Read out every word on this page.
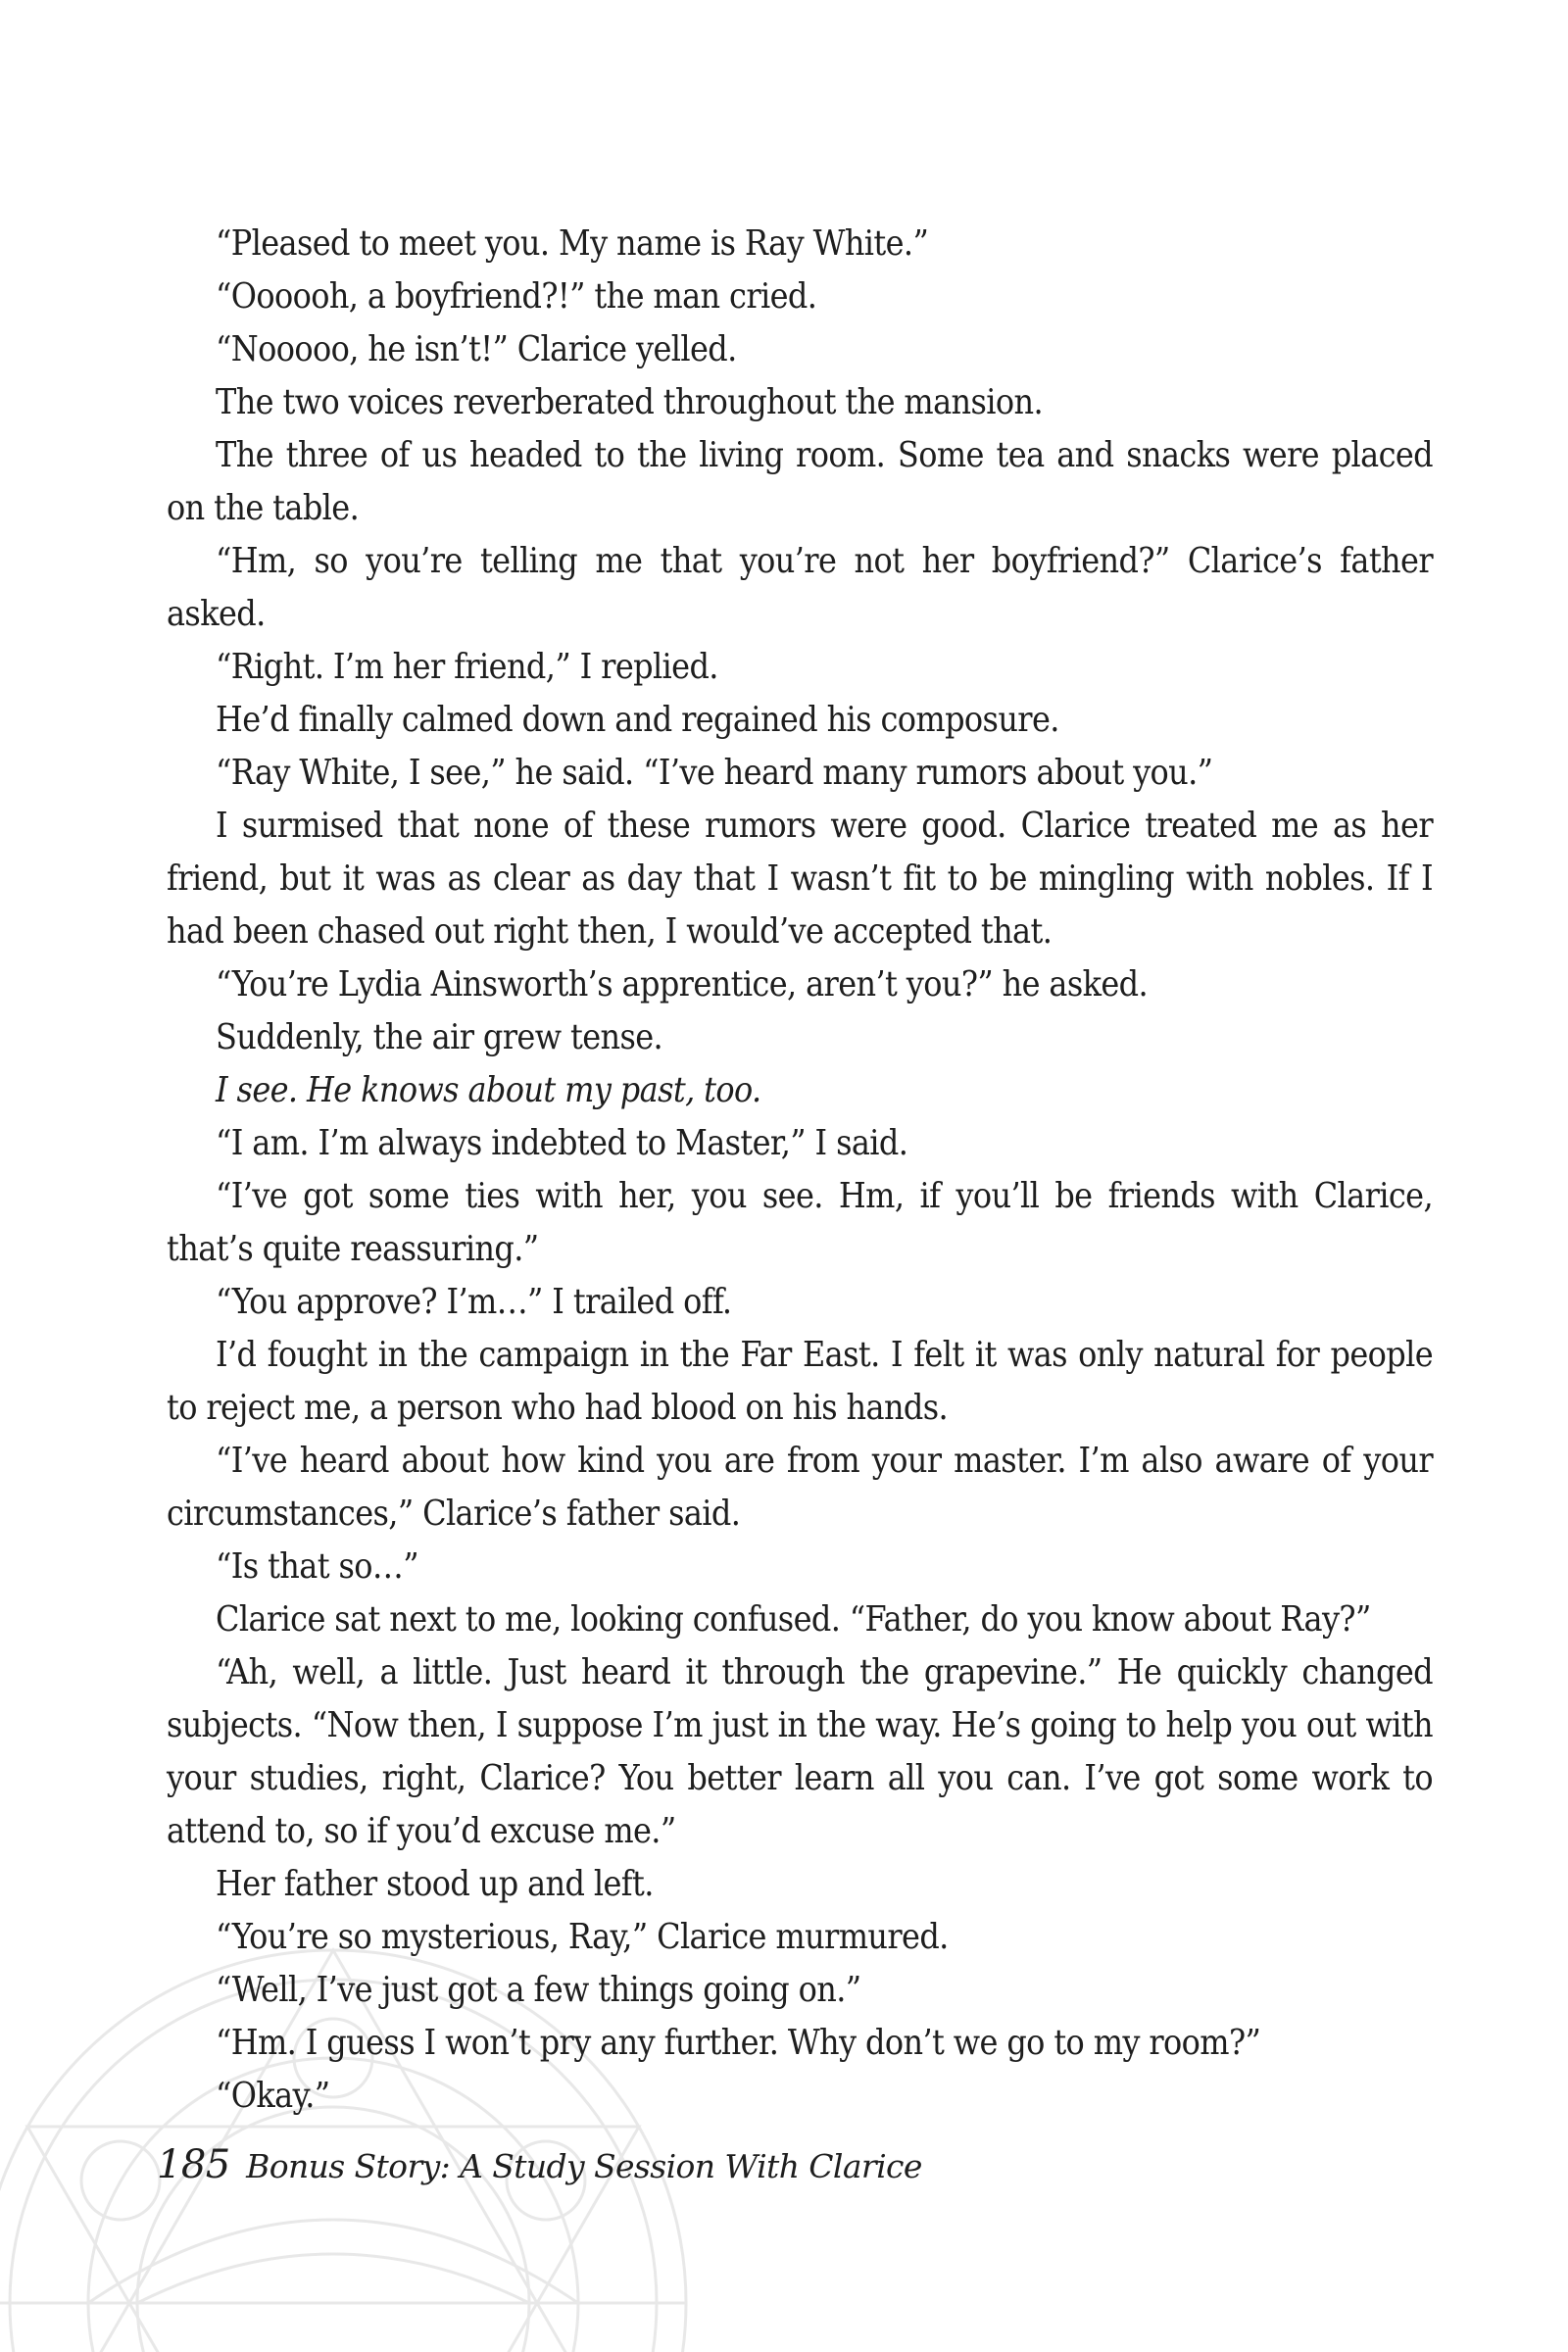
“Pleased to meet you. My name is Ray White.”

“Oooooh, a boyfriend?!” the man cried.

“Nooooo, he isn’t!” Clarice yelled.

The two voices reverberated throughout the mansion.

The three of us headed to the living room. Some tea and snacks were placed on the table.

“Hm, so you’re telling me that you’re not her boyfriend?” Clarice’s father asked.

“Right. I’m her friend,” I replied.

He’d finally calmed down and regained his composure.

“Ray White, I see,” he said. “I’ve heard many rumors about you.”

I surmised that none of these rumors were good. Clarice treated me as her friend, but it was as clear as day that I wasn’t fit to be mingling with nobles. If I had been chased out right then, I would’ve accepted that.

“You’re Lydia Ainsworth’s apprentice, aren’t you?” he asked.

Suddenly, the air grew tense.

I see. He knows about my past, too.

“I am. I’m always indebted to Master,” I said.

“I’ve got some ties with her, you see. Hm, if you’ll be friends with Clarice, that’s quite reassuring.”

“You approve? I’m…” I trailed off.

I’d fought in the campaign in the Far East. I felt it was only natural for people to reject me, a person who had blood on his hands.

“I’ve heard about how kind you are from your master. I’m also aware of your circumstances,” Clarice’s father said.

“Is that so…”

Clarice sat next to me, looking confused. “Father, do you know about Ray?”

“Ah, well, a little. Just heard it through the grapevine.” He quickly changed subjects. “Now then, I suppose I’m just in the way. He’s going to help you out with your studies, right, Clarice? You better learn all you can. I’ve got some work to attend to, so if you’d excuse me.”

Her father stood up and left.

“You’re so mysterious, Ray,” Clarice murmured.

“Well, I’ve just got a few things going on.”

“Hm. I guess I won’t pry any further. Why don’t we go to my room?”

“Okay.”

185 Bonus Story: A Study Session With Clarice
